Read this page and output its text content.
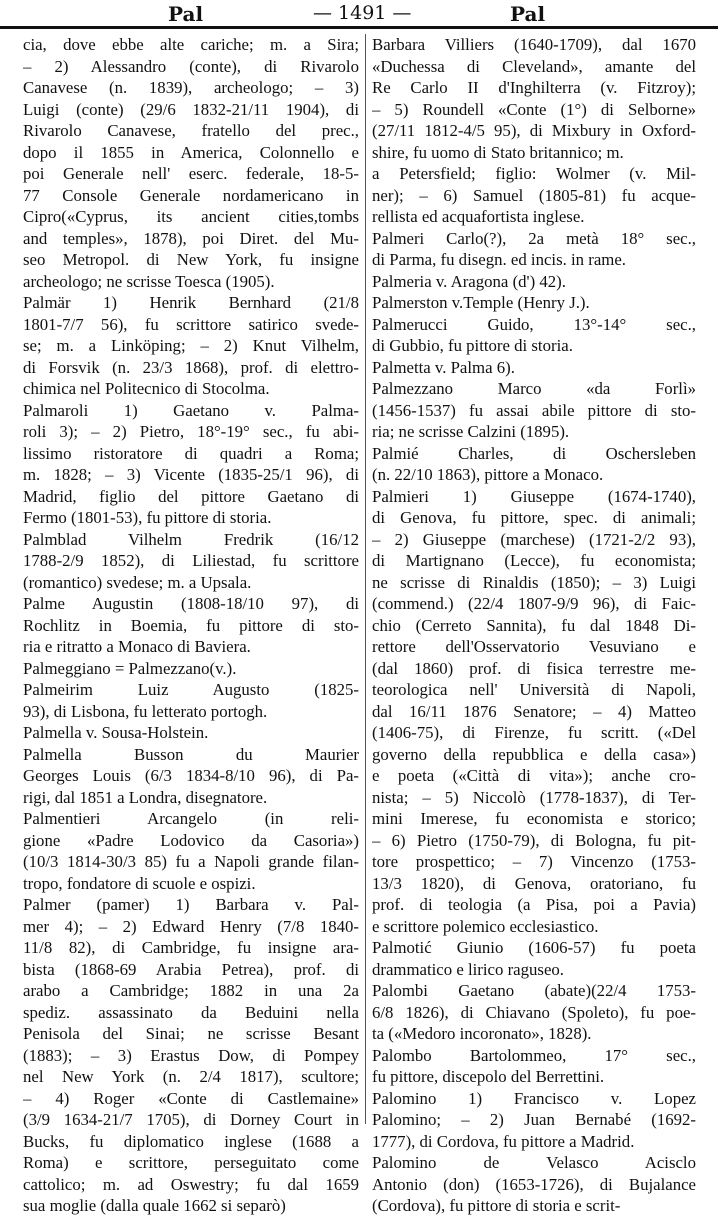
Pal	— 1491 —	Pal
cia, dove ebbe alte cariche; m. a Sira;
– 2) Alessandro (conte), di Rivarolo
Canavese (n. 1839), archeologo; – 3)
Luigi (conte) (29/6 1832-21/11 1904), di
Rivarolo Canavese, fratello del prec.,
dopo il 1855 in America, Colonnello e
poi Generale nell' eserc. federale, 18-5-
77 Console Generale nordamericano in
Cipro(«Cyprus, its ancient cities,tombs
and temples», 1878), poi Diret. del Mu-
seo Metropol. di New York, fu insigne
archeologo; ne scrisse Toesca (1905).
Palmär 1) Henrik Bernhard (21/8
1801-7/7 56), fu scrittore satirico svede-
se; m. a Linköping; – 2) Knut Vilhelm,
di Forsvik (n. 23/3 1868), prof. di elettro-
chimica nel Politecnico di Stocolma.
Palmaroli 1) Gaetano v. Palma-
roli 3); – 2) Pietro, 18°-19° sec., fu abi-
lissimo ristoratore di quadri a Roma;
m. 1828; – 3) Vicente (1835-25/1 96), di
Madrid, figlio del pittore Gaetano di
Fermo (1801-53), fu pittore di storia.
Palmblad Vilhelm Fredrik (16/12
1788-2/9 1852), di Liliestad, fu scrittore
(romantico) svedese; m. a Upsala.
Palme Augustin (1808-18/10 97), di
Rochlitz in Boemia, fu pittore di sto-
ria e ritratto a Monaco di Baviera.
Palmeggiano = Palmezzano(v.).
Palmeirim Luiz Augusto (1825-
93), di Lisbona, fu letterato portogh.
Palmella v. Sousa-Holstein.
Palmella Busson du Maurier
Georges Louis (6/3 1834-8/10 96), di Pa-
rigi, dal 1851 a Londra, disegnatore.
Palmentieri Arcangelo (in reli-
gione «Padre Lodovico da Casoria»)
(10/3 1814-30/3 85) fu a Napoli grande filan-
tropo, fondatore di scuole e ospizi.
Palmer (pamer) 1) Barbara v. Pal-
mer 4); – 2) Edward Henry (7/8 1840-
11/8 82), di Cambridge, fu insigne ara-
bista (1868-69 Arabia Petrea), prof. di
arabo a Cambridge; 1882 in una 2a
spediz. assassinato da Beduini nella
Penisola del Sinai; ne scrisse Besant
(1883); – 3) Erastus Dow, di Pompey
nel New York (n. 2/4 1817), scultore;
– 4) Roger «Conte di Castlemaine»
(3/9 1634-21/7 1705), di Dorney Court in
Bucks, fu diplomatico inglese (1688 a
Roma) e scrittore, perseguitato come
cattolico; m. ad Oswestry; fu dal 1659
sua moglie (dalla quale 1662 si separò)
Barbara Villiers (1640-1709), dal 1670
«Duchessa di Cleveland», amante del
Re Carlo II d'Inghilterra (v. Fitzroy);
– 5) Roundell «Conte (1°) di Selborne»
(27/11 1812-4/5 95), di Mixbury in Oxford-
shire, fu uomo di Stato britannico; m.
a Petersfield; figlio: Wolmer (v. Mil-
ner); – 6) Samuel (1805-81) fu acque-
rellista ed acquafortista inglese.
Palmeri Carlo(?), 2a metà 18° sec.,
di Parma, fu disegn. ed incis. in rame.
Palmeria v. Aragona (d') 42).
Palmerston v.Temple (Henry J.).
Palmerucci Guido, 13°-14° sec.,
di Gubbio, fu pittore di storia.
Palmetta v. Palma 6).
Palmezzano Marco «da Forlì»
(1456-1537) fu assai abile pittore di sto-
ria; ne scrisse Calzini (1895).
Palmié Charles, di Oschersleben
(n. 22/10 1863), pittore a Monaco.
Palmieri 1) Giuseppe (1674-1740),
di Genova, fu pittore, spec. di animali;
– 2) Giuseppe (marchese) (1721-2/2 93),
di Martignano (Lecce), fu economista;
ne scrisse di Rinaldis (1850); – 3) Luigi
(commend.) (22/4 1807-9/9 96), di Faic-
chio (Cerreto Sannita), fu dal 1848 Di-
rettore dell'Osservatorio Vesuviano e
(dal 1860) prof. di fisica terrestre me-
teorologica nell' Università di Napoli,
dal 16/11 1876 Senatore; – 4) Matteo
(1406-75), di Firenze, fu scritt. («Del
governo della repubblica e della casa»)
e poeta («Città di vita»); anche cro-
nista; – 5) Niccolò (1778-1837), di Ter-
mini Imerese, fu economista e storico;
– 6) Pietro (1750-79), di Bologna, fu pit-
tore prospettico; – 7) Vincenzo (1753-
13/3 1820), di Genova, oratoriano, fu
prof. di teologia (a Pisa, poi a Pavia)
e scrittore polemico ecclesiastico.
Palmotić Giunio (1606-57) fu poeta
drammatico e lirico raguseo.
Palombi Gaetano (abate)(22/4 1753-
6/8 1826), di Chiavano (Spoleto), fu poe-
ta («Medoro incoronato», 1828).
Palombo Bartolommeo, 17° sec.,
fu pittore, discepolo del Berrettini.
Palomino 1) Francisco v. Lopez
Palomino; – 2) Juan Bernabé (1692-
1777), di Cordova, fu pittore a Madrid.
Palomino de Velasco Acisclo
Antonio (don) (1653-1726), di Bujalance
(Cordova), fu pittore di storia e scrit-
